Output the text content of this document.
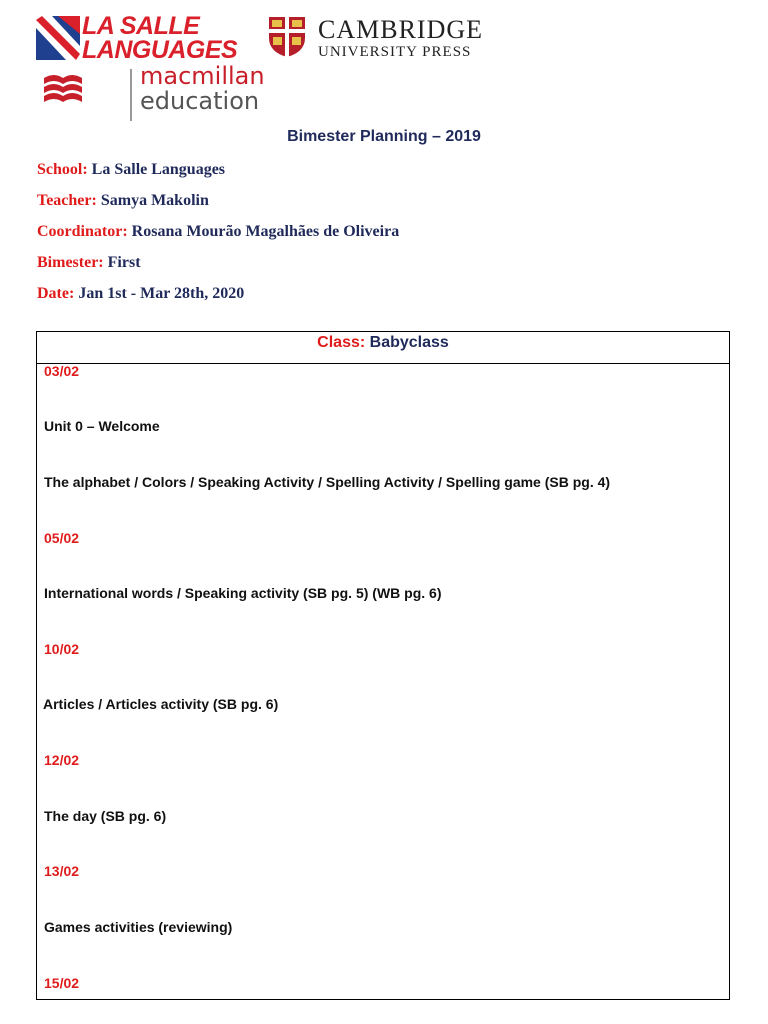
LA SALLE
LANGUAGES
macmillan
education
CAMBRIDGE
UNIVERSITY PRESS
Bimester Planning – 2019
School: La Salle Languages
Teacher: Samya Makolin
Coordinator: Rosana Mourão Magalhães de Oliveira
Bimester: First
Date: Jan 1st - Mar 28th, 2020
Class: Babyclass
03/02
Unit 0 – Welcome
The alphabet / Colors / Speaking Activity / Spelling Activity / Spelling game (SB pg. 4)
05/02
International words / Speaking activity (SB pg. 5) (WB pg. 6)
10/02
Articles / Articles activity (SB pg. 6)
12/02
The day (SB pg. 6)
13/02
Games activities (reviewing)
15/02
